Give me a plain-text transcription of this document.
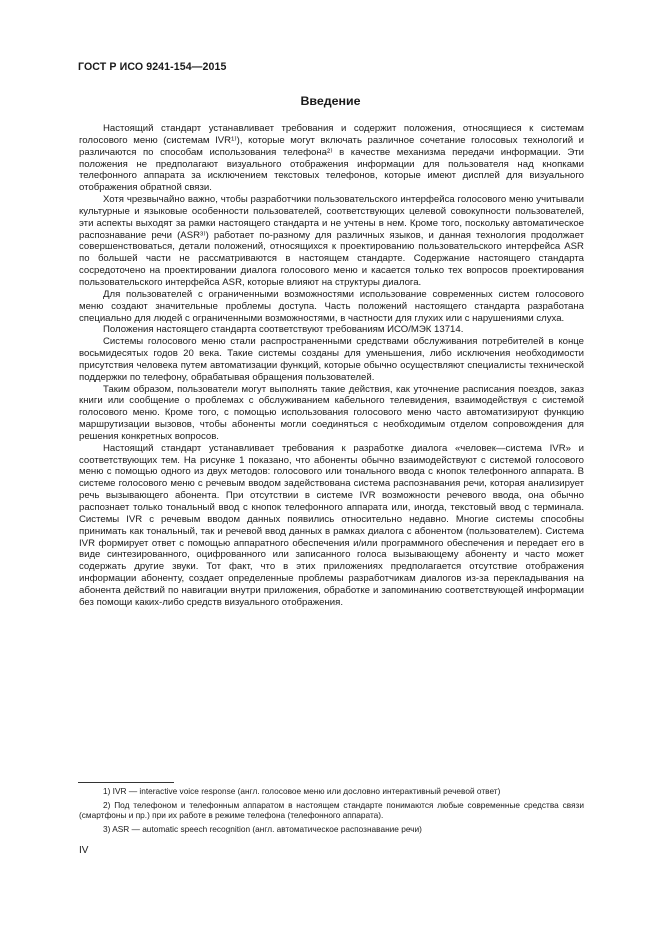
ГОСТ Р ИСО 9241-154—2015
Введение

Настоящий стандарт устанавливает требования и содержит положения, относящиеся к системам голосового меню (системам IVR¹⁾), которые могут включать различное сочетание голосовых технологий и различаются по способам использования телефона²⁾ в качестве механизма передачи информации. Эти положения не предполагают визуального отображения информации для пользователя над кнопками телефонного аппарата за исключением текстовых телефонов, которые имеют дисплей для визуального отображения обратной связи.

Хотя чрезвычайно важно, чтобы разработчики пользовательского интерфейса голосового меню учитывали культурные и языковые особенности пользователей, соответствующих целевой совокупности пользователей, эти аспекты выходят за рамки настоящего стандарта и не учтены в нем. Кроме того, поскольку автоматическое распознавание речи (ASR³⁾) работает по-разному для различных языков, и данная технология продолжает совершенствоваться, детали положений, относящихся к проектированию пользовательского интерфейса ASR по большей части не рассматриваются в настоящем стандарте. Содержание настоящего стандарта сосредоточено на проектировании диалога голосового меню и касается только тех вопросов проектирования пользовательского интерфейса ASR, которые влияют на структуры диалога.

Для пользователей с ограниченными возможностями использование современных систем голосового меню создают значительные проблемы доступа. Часть положений настоящего стандарта разработана специально для людей с ограниченными возможностями, в частности для глухих или с нарушениями слуха.

Положения настоящего стандарта соответствуют требованиям ИСО/МЭК 13714.

Системы голосового меню стали распространенными средствами обслуживания потребителей в конце восьмидесятых годов 20 века. Такие системы созданы для уменьшения, либо исключения необходимости присутствия человека путем автоматизации функций, которые обычно осуществляют специалисты технической поддержки по телефону, обрабатывая обращения пользователей.

Таким образом, пользователи могут выполнять такие действия, как уточнение расписания поездов, заказ книги или сообщение о проблемах с обслуживанием кабельного телевидения, взаимодействуя с системой голосового меню. Кроме того, с помощью использования голосового меню часто автоматизируют функцию маршрутизации вызовов, чтобы абоненты могли соединяться с необходимым отделом сопровождения для решения конкретных вопросов.

Настоящий стандарт устанавливает требования к разработке диалога «человек—система IVR» и соответствующих тем. На рисунке 1 показано, что абоненты обычно взаимодействуют с системой голосового меню с помощью одного из двух методов: голосового или тонального ввода с кнопок телефонного аппарата. В системе голосового меню с речевым вводом задействована система распознавания речи, которая анализирует речь вызывающего абонента. При отсутствии в системе IVR возможности речевого ввода, она обычно распознает только тональный ввод с кнопок телефонного аппарата или, иногда, текстовый ввод с терминала. Системы IVR с речевым вводом данных появились относительно недавно. Многие системы способны принимать как тональный, так и речевой ввод данных в рамках диалога с абонентом (пользователем). Система IVR формирует ответ с помощью аппаратного обеспечения и/или программного обеспечения и передает его в виде синтезированного, оцифрованного или записанного голоса вызывающему абоненту и часто может содержать другие звуки. Тот факт, что в этих приложениях предполагается отсутствие отображения информации абоненту, создает определенные проблемы разработчикам диалогов из-за перекладывания на абонента действий по навигации внутри приложения, обработке и запоминанию соответствующей информации без помощи каких-либо средств визуального отображения.

1) IVR — interactive voice response (англ. голосовое меню или дословно интерактивный речевой ответ)

2) Под телефоном и телефонным аппаратом в настоящем стандарте понимаются любые современные средства связи (смартфоны и пр.) при их работе в режиме телефона (телефонного аппарата).

3) ASR — automatic speech recognition (англ. автоматическое распознавание речи)

IV
